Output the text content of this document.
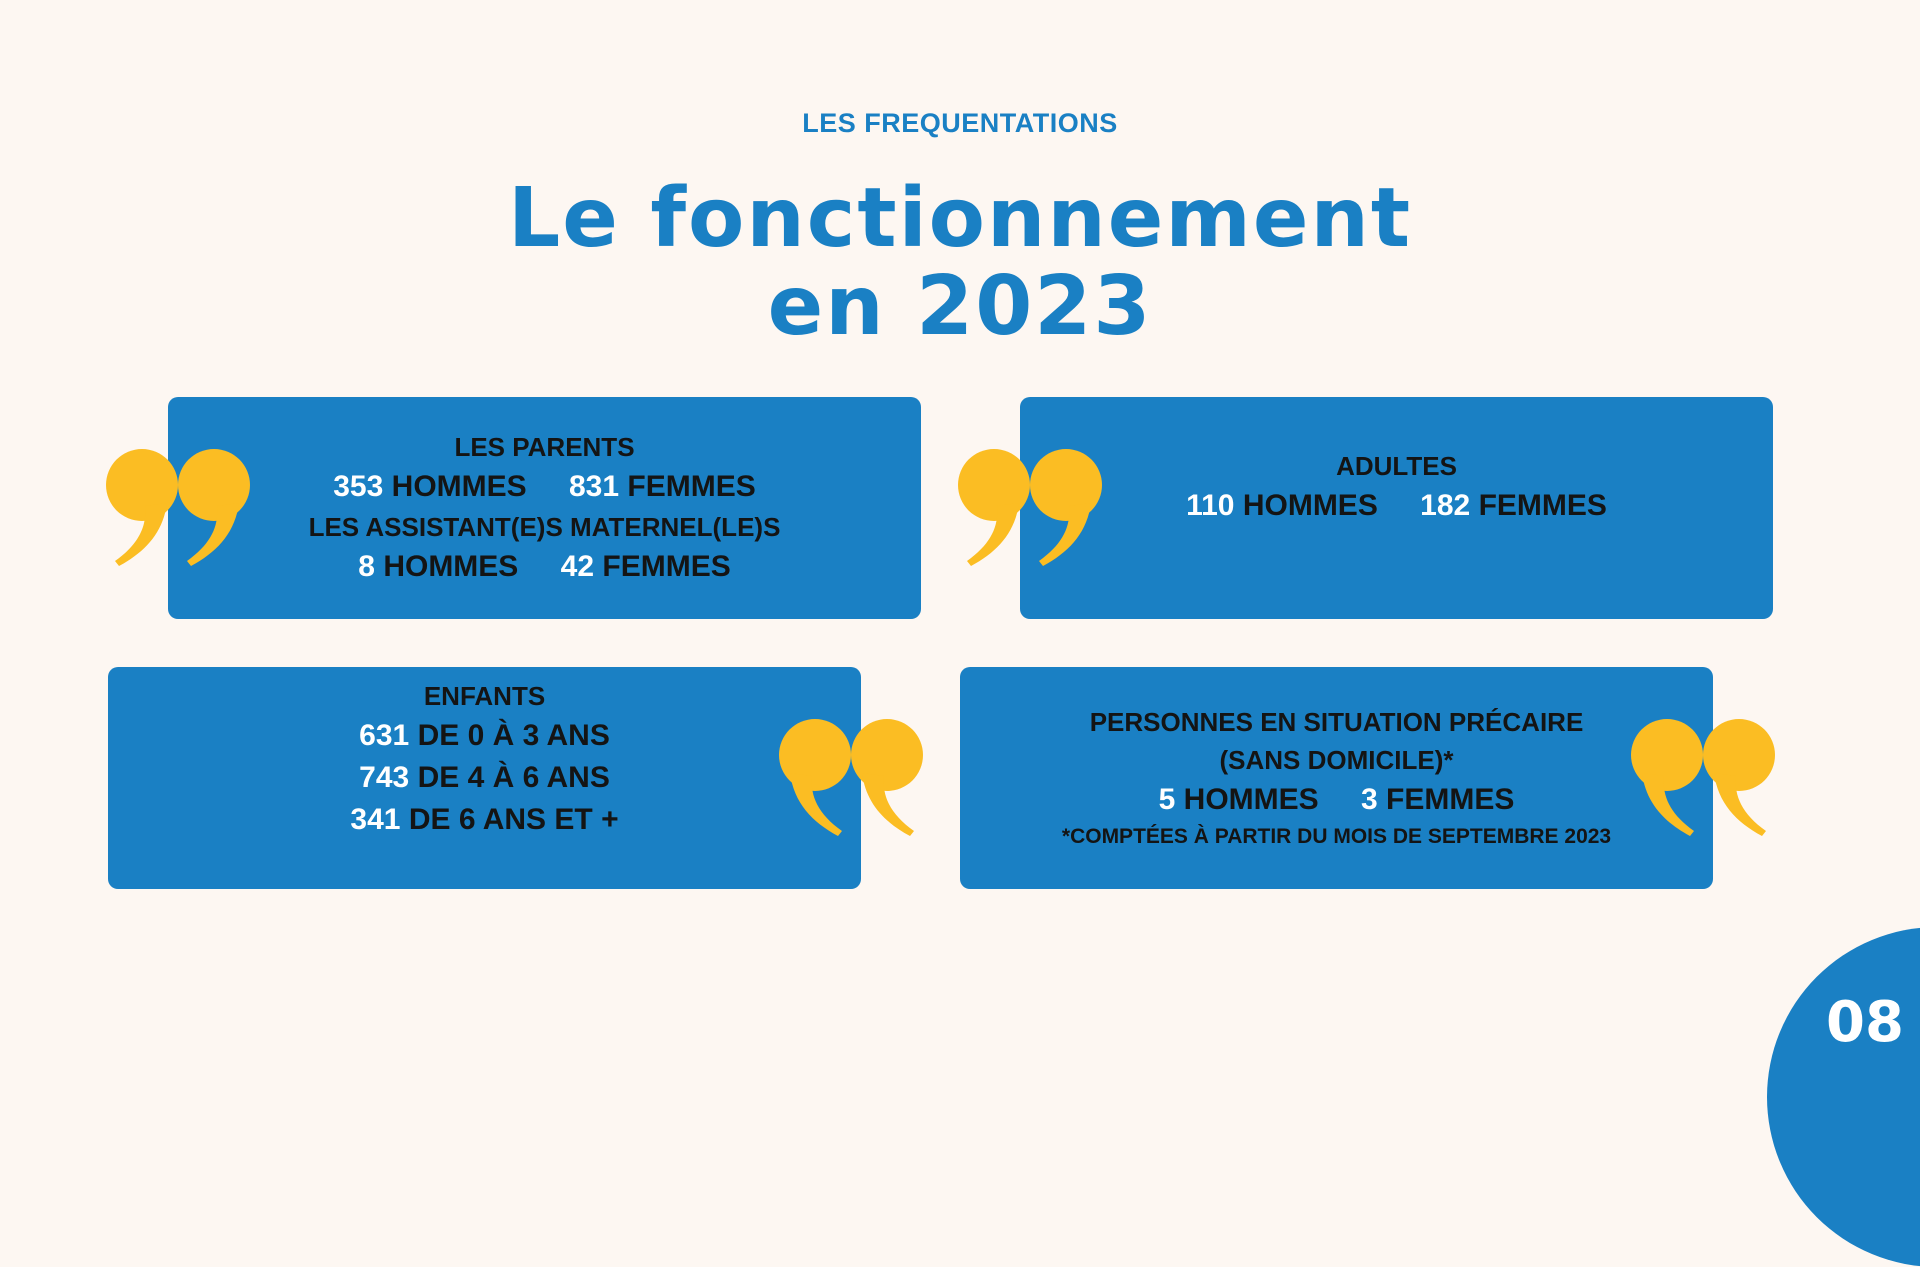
LES FREQUENTATIONS
Le fonctionnement
en 2023
LES PARENTS
353 HOMMES 831 FEMMES
LES ASSISTANT(E)S MATERNEL(LE)S
8 HOMMES 42 FEMMES
ADULTES
110 HOMMES 182 FEMMES
ENFANTS
631 DE 0 À 3 ANS
743 DE 4 À 6 ANS
341 DE 6 ANS ET +
PERSONNES EN SITUATION PRÉCAIRE
(SANS DOMICILE)*
5 HOMMES 3 FEMMES
*COMPTÉES À PARTIR DU MOIS DE SEPTEMBRE 2023
08
